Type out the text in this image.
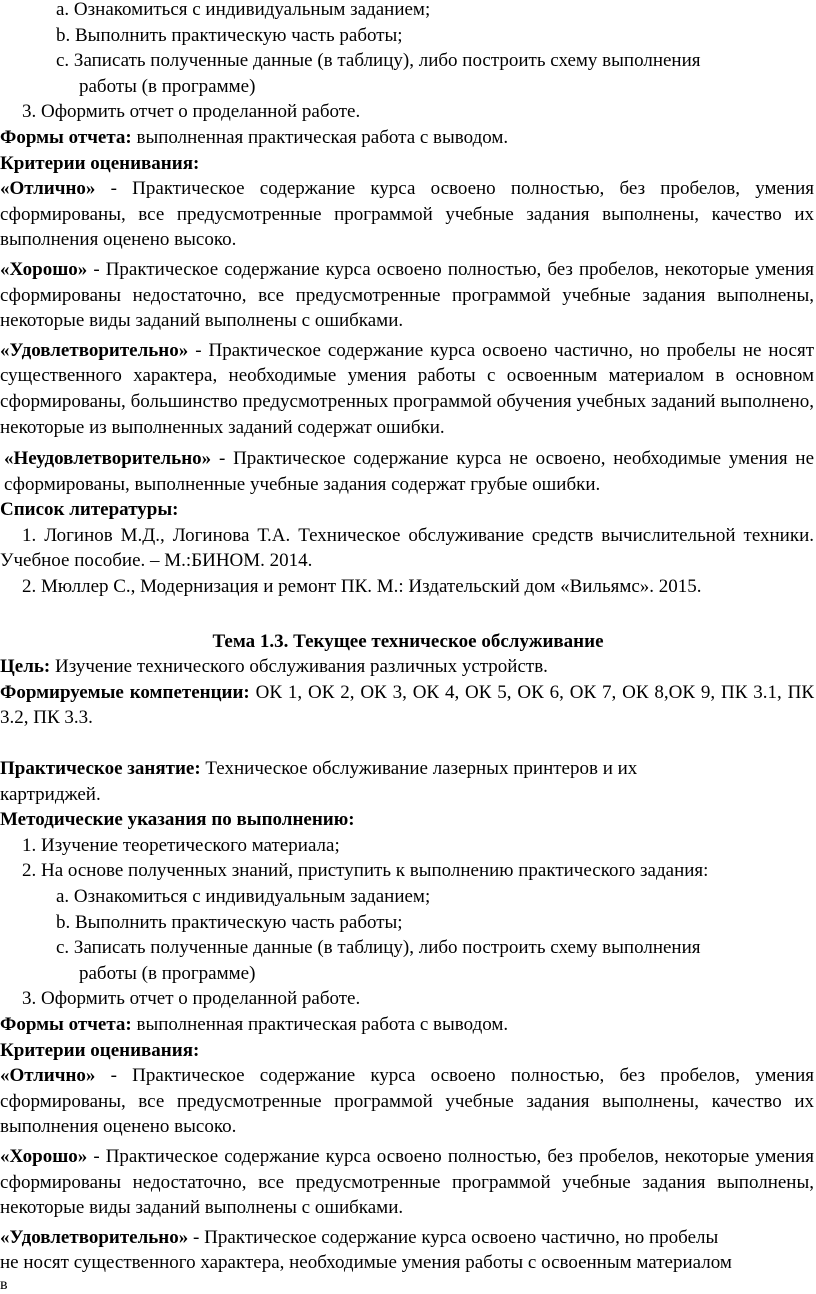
a. Ознакомиться с индивидуальным заданием;
b. Выполнить практическую часть работы;
c. Записать полученные данные (в таблицу), либо построить схему выполнения
работы (в программе)
3. Оформить отчет о проделанной работе.
Формы отчета: выполненная практическая работа с выводом.
Критерии оценивания:

«Отлично» - Практическое содержание курса освоено полностью, без пробелов, умения сформированы, все предусмотренные программой учебные задания выполнены, качество их выполнения оценено высоко.

«Хорошо» - Практическое содержание курса освоено полностью, без пробелов, некоторые умения сформированы недостаточно, все предусмотренные программой учебные задания выполнены, некоторые виды заданий выполнены с ошибками.

«Удовлетворительно» - Практическое содержание курса освоено частично, но пробелы не носят существенного характера, необходимые умения работы с освоенным материалом в основном сформированы, большинство предусмотренных программой обучения учебных заданий выполнено, некоторые из выполненных заданий содержат ошибки.

«Неудовлетворительно» - Практическое содержание курса не освоено, необходимые умения не сформированы, выполненные учебные задания содержат грубые ошибки.

Список литературы:

1. Логинов М.Д., Логинова Т.А. Техническое обслуживание средств вычислительной техники. Учебное пособие. – М.:БИНОМ. 2014.

2. Мюллер С., Модернизация и ремонт ПК. М.: Издательский дом «Вильямс». 2015.
Тема 1.3. Текущее техническое обслуживание
Цель: Изучение технического обслуживания различных устройств.

Формируемые компетенции: ОК 1, ОК 2, ОК 3, ОК 4, ОК 5, ОК 6, ОК 7, ОК 8,ОК 9, ПК 3.1, ПК 3.2, ПК 3.3.

Практическое занятие: Техническое обслуживание лазерных принтеров и их
картриджей.
Методические указания по выполнению:
1. Изучение теоретического материала;
2. На основе полученных знаний, приступить к выполнению практического задания:
a. Ознакомиться с индивидуальным заданием;
b. Выполнить практическую часть работы;
c. Записать полученные данные (в таблицу), либо построить схему выполнения
работы (в программе)
3. Оформить отчет о проделанной работе.
Формы отчета: выполненная практическая работа с выводом.
Критерии оценивания:

«Отлично» - Практическое содержание курса освоено полностью, без пробелов, умения сформированы, все предусмотренные программой учебные задания выполнены, качество их выполнения оценено высоко.

«Хорошо» - Практическое содержание курса освоено полностью, без пробелов, некоторые умения сформированы недостаточно, все предусмотренные программой учебные задания выполнены, некоторые виды заданий выполнены с ошибками.

«Удовлетворительно» - Практическое содержание курса освоено частично, но пробелы
не носят существенного характера, необходимые умения работы с освоенным материалом
в
